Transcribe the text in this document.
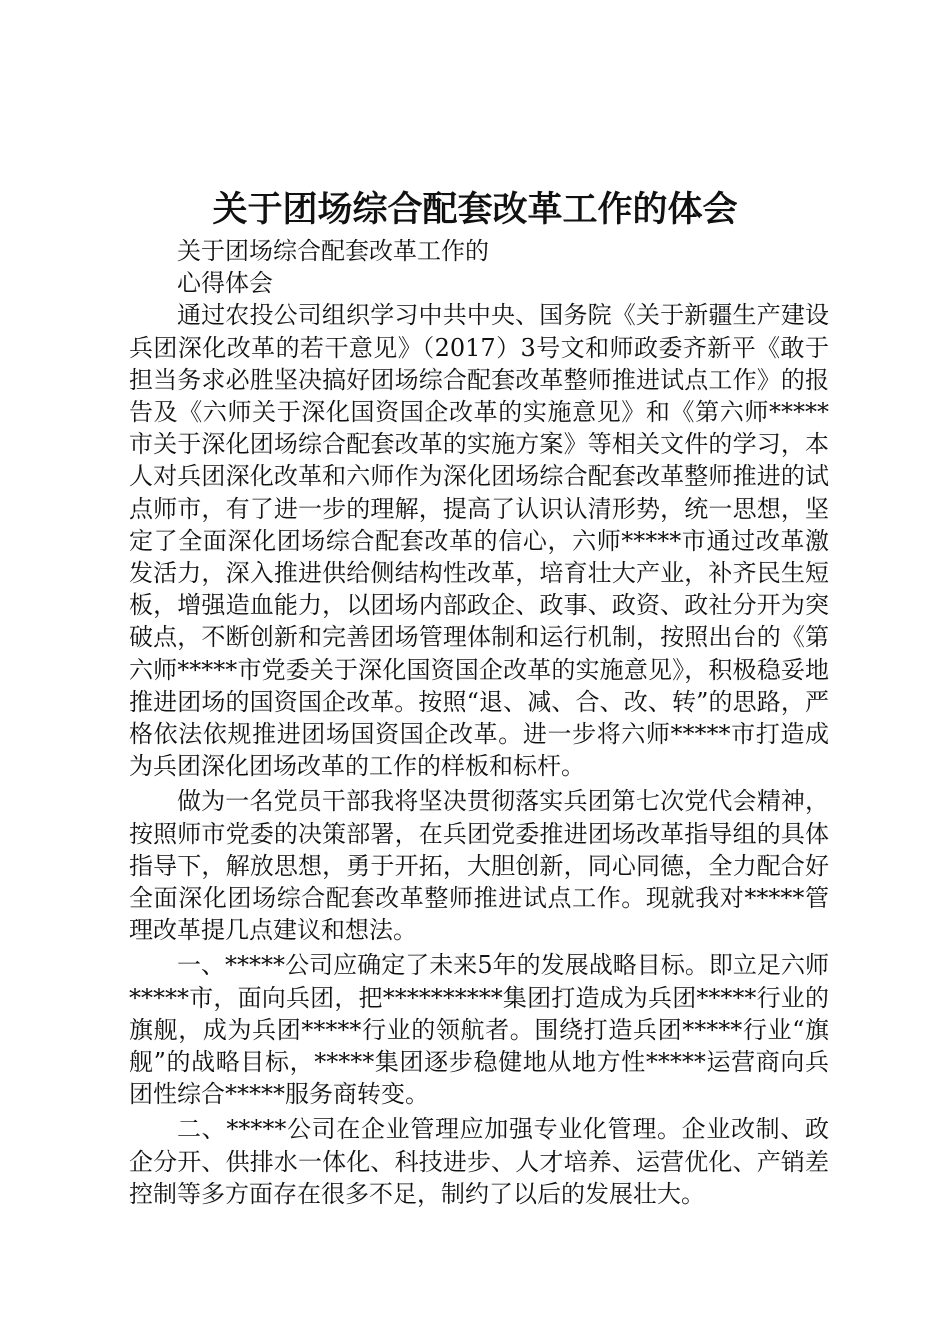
关于团场综合配套改革工作的体会

关于团场综合配套改革工作的

心得体会

通过农投公司组织学习中共中央、国务院《关于新疆生产建设兵团深化改革的若干意见》（2017）3号文和师政委齐新平《敢于担当务求必胜坚决搞好团场综合配套改革整师推进试点工作》的报告及《六师关于深化国资国企改革的实施意见》和《第六师*****市关于深化团场综合配套改革的实施方案》等相关文件的学习，本人对兵团深化改革和六师作为深化团场综合配套改革整师推进的试点师市，有了进一步的理解，提高了认识认清形势，统一思想，坚定了全面深化团场综合配套改革的信心，六师*****市通过改革激发活力，深入推进供给侧结构性改革，培育壮大产业，补齐民生短板，增强造血能力，以团场内部政企、政事、政资、政社分开为突破点，不断创新和完善团场管理体制和运行机制，按照出台的《第六师*****市党委关于深化国资国企改革的实施意见》，积极稳妥地推进团场的国资国企改革。按照“退、减、合、改、转”的思路，严格依法依规推进团场国资国企改革。进一步将六师*****市打造成为兵团深化团场改革的工作的样板和标杆。

做为一名党员干部我将坚决贯彻落实兵团第七次党代会精神，按照师市党委的决策部署，在兵团党委推进团场改革指导组的具体指导下，解放思想，勇于开拓，大胆创新，同心同德，全力配合好全面深化团场综合配套改革整师推进试点工作。现就我对*****管理改革提几点建议和想法。

一、*****公司应确定了未来5年的发展战略目标。即立足六师*****市，面向兵团，把**********集团打造成为兵团*****行业的旗舰，成为兵团*****行业的领航者。围绕打造兵团*****行业“旗舰”的战略目标，*****集团逐步稳健地从地方性*****运营商向兵团性综合*****服务商转变。

二、*****公司在企业管理应加强专业化管理。企业改制、政企分开、供排水一体化、科技进步、人才培养、运营优化、产销差控制等多方面存在很多不足，制约了以后的发展壮大。
